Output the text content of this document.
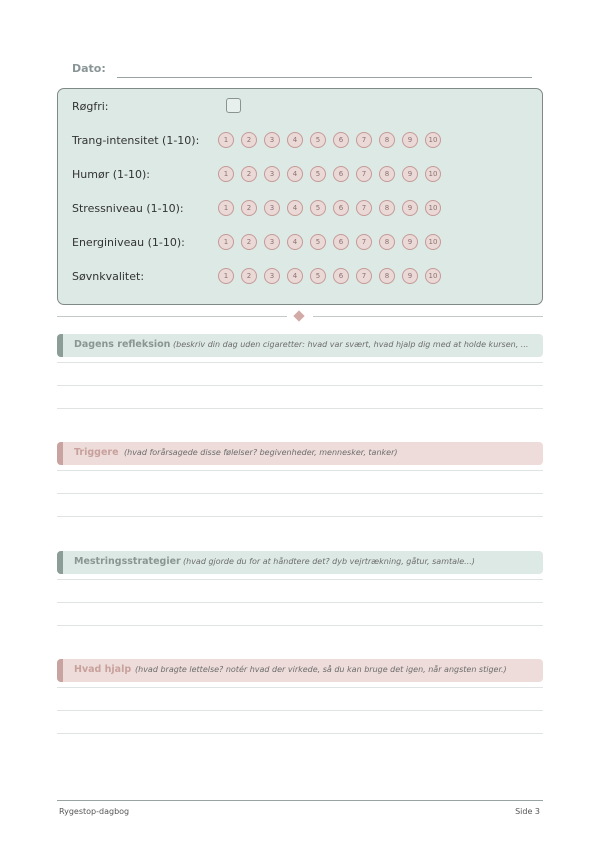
Dato:
Røgfri:
Trang-intensitet (1-10):	1	2	3	4	5	6	7	8	9	10
Humør (1-10):	1	2	3	4	5	6	7	8	9	10
Stressniveau (1-10):	1	2	3	4	5	6	7	8	9	10
Energiniveau (1-10):	1	2	3	4	5	6	7	8	9	10
Søvnkvalitet:	1	2	3	4	5	6	7	8	9	10
Dagens refleksion (beskriv din dag uden cigaretter: hvad var svært, hvad hjalp dig med at holde kursen, ...
Triggere (hvad forårsagede disse følelser? begivenheder, mennesker, tanker)
Mestringsstrategier (hvad gjorde du for at håndtere det? dyb vejrtrækning, gåtur, samtale...)
Hvad hjalp (hvad bragte lettelse? notér hvad der virkede, så du kan bruge det igen, når angsten stiger.)
Rygestop-dagbog	Side 3
